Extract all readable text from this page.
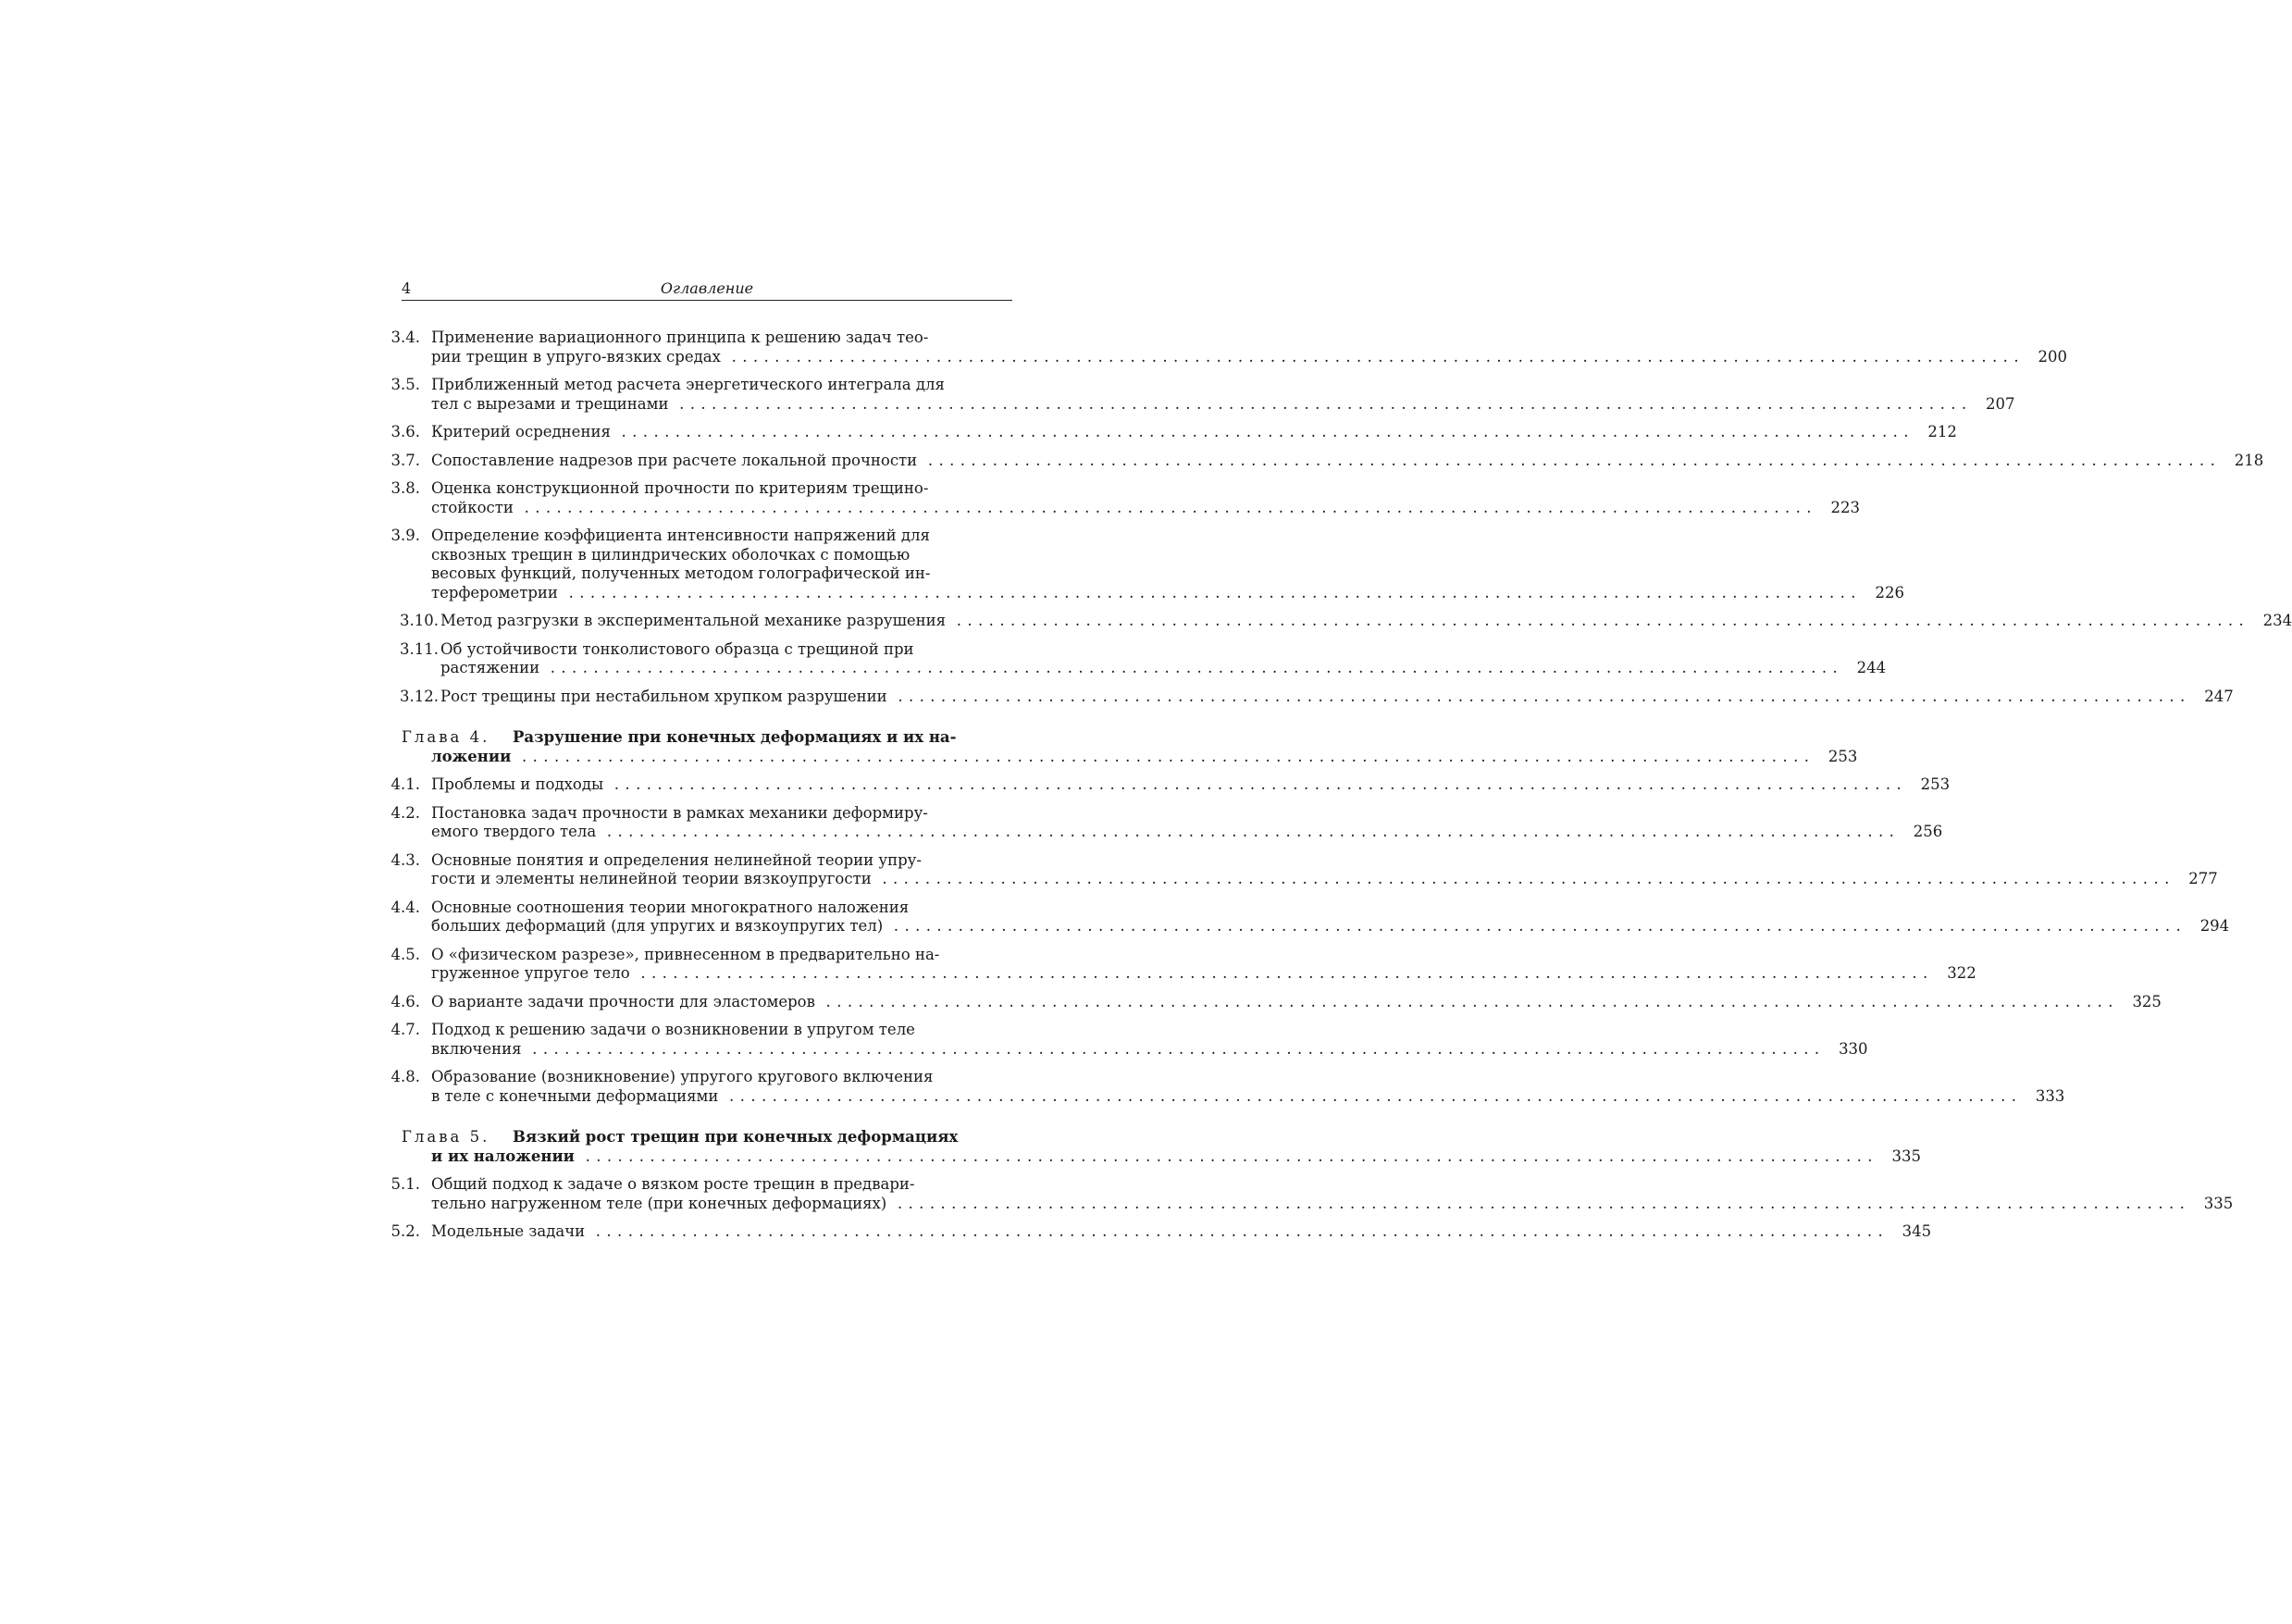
4	Оглавление
3.4. Применение вариационного принципа к решению задач тео-
рии трещин в упруго-вязких средах ........................................................................................................................ 200
3.5. Приближенный метод расчета энергетического интеграла для
тел с вырезами и трещинами ........................................................................................................................ 207
3.6. Критерий осреднения ........................................................................................................................ 212
3.7. Сопоставление надрезов при расчете локальной прочности ........................................................................................................................ 218
3.8. Оценка конструкционной прочности по критериям трещино-
стойкости ........................................................................................................................ 223
3.9. Определение коэффициента интенсивности напряжений для
сквозных трещин в цилиндрических оболочках с помощью
весовых функций, полученных методом голографической ин-
терферометрии ........................................................................................................................ 226
3.10. Метод разгрузки в экспериментальной механике разрушения ........................................................................................................................ 234
3.11. Об устойчивости тонколистового образца с трещиной при
растяжении ........................................................................................................................ 244
3.12. Рост трещины при нестабильном хрупком разрушении ........................................................................................................................ 247
Глава 4.	Разрушение при конечных деформациях и их на-
ложении ........................................................................................................................ 253
4.1. Проблемы и подходы ........................................................................................................................ 253
4.2. Постановка задач прочности в рамках механики деформиру-
емого твердого тела ........................................................................................................................ 256
4.3. Основные понятия и определения нелинейной теории упру-
гости и элементы нелинейной теории вязкоупругости ........................................................................................................................ 277
4.4. Основные соотношения теории многократного наложения
больших деформаций (для упругих и вязкоупругих тел) ........................................................................................................................ 294
4.5. О «физическом разрезе», привнесенном в предварительно на-
груженное упругое тело ........................................................................................................................ 322
4.6. О варианте задачи прочности для эластомеров ........................................................................................................................ 325
4.7. Подход к решению задачи о возникновении в упругом теле
включения ........................................................................................................................ 330
4.8. Образование (возникновение) упругого кругового включения
в теле с конечными деформациями ........................................................................................................................ 333
Глава 5.	Вязкий рост трещин при конечных деформациях
и их наложении ........................................................................................................................ 335
5.1. Общий подход к задаче о вязком росте трещин в предвари-
тельно нагруженном теле (при конечных деформациях) ........................................................................................................................ 335
5.2. Модельные задачи ........................................................................................................................ 345
